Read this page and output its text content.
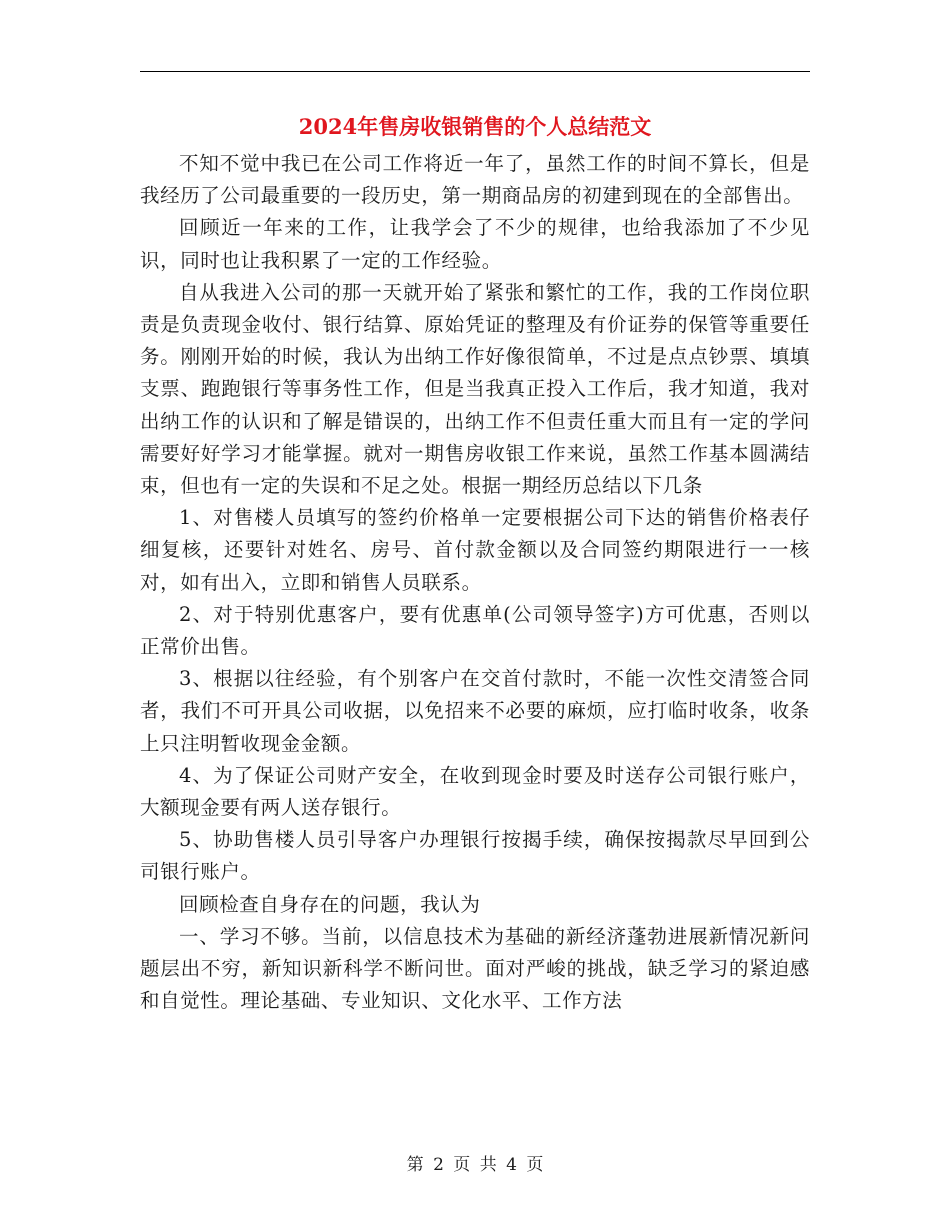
2024年售房收银销售的个人总结范文

不知不觉中我已在公司工作将近一年了，虽然工作的时间不算长，但是我经历了公司最重要的一段历史，第一期商品房的初建到现在的全部售出。

回顾近一年来的工作，让我学会了不少的规律，也给我添加了不少见识，同时也让我积累了一定的工作经验。

自从我进入公司的那一天就开始了紧张和繁忙的工作，我的工作岗位职责是负责现金收付、银行结算、原始凭证的整理及有价证券的保管等重要任务。刚刚开始的时候，我认为出纳工作好像很简单，不过是点点钞票、填填支票、跑跑银行等事务性工作，但是当我真正投入工作后，我才知道，我对出纳工作的认识和了解是错误的，出纳工作不但责任重大而且有一定的学问需要好好学习才能掌握。就对一期售房收银工作来说，虽然工作基本圆满结束，但也有一定的失误和不足之处。根据一期经历总结以下几条

1、对售楼人员填写的签约价格单一定要根据公司下达的销售价格表仔细复核，还要针对姓名、房号、首付款金额以及合同签约期限进行一一核对，如有出入，立即和销售人员联系。

2、对于特别优惠客户，要有优惠单(公司领导签字)方可优惠，否则以正常价出售。

3、根据以往经验，有个别客户在交首付款时，不能一次性交清签合同者，我们不可开具公司收据，以免招来不必要的麻烦，应打临时收条，收条上只注明暂收现金金额。

4、为了保证公司财产安全，在收到现金时要及时送存公司银行账户，大额现金要有两人送存银行。

5、协助售楼人员引导客户办理银行按揭手续，确保按揭款尽早回到公司银行账户。

回顾检查自身存在的问题，我认为

一、学习不够。当前，以信息技术为基础的新经济蓬勃进展新情况新问题层出不穷，新知识新科学不断问世。面对严峻的挑战，缺乏学习的紧迫感和自觉性。理论基础、专业知识、文化水平、工作方法

第 2 页 共 4 页
